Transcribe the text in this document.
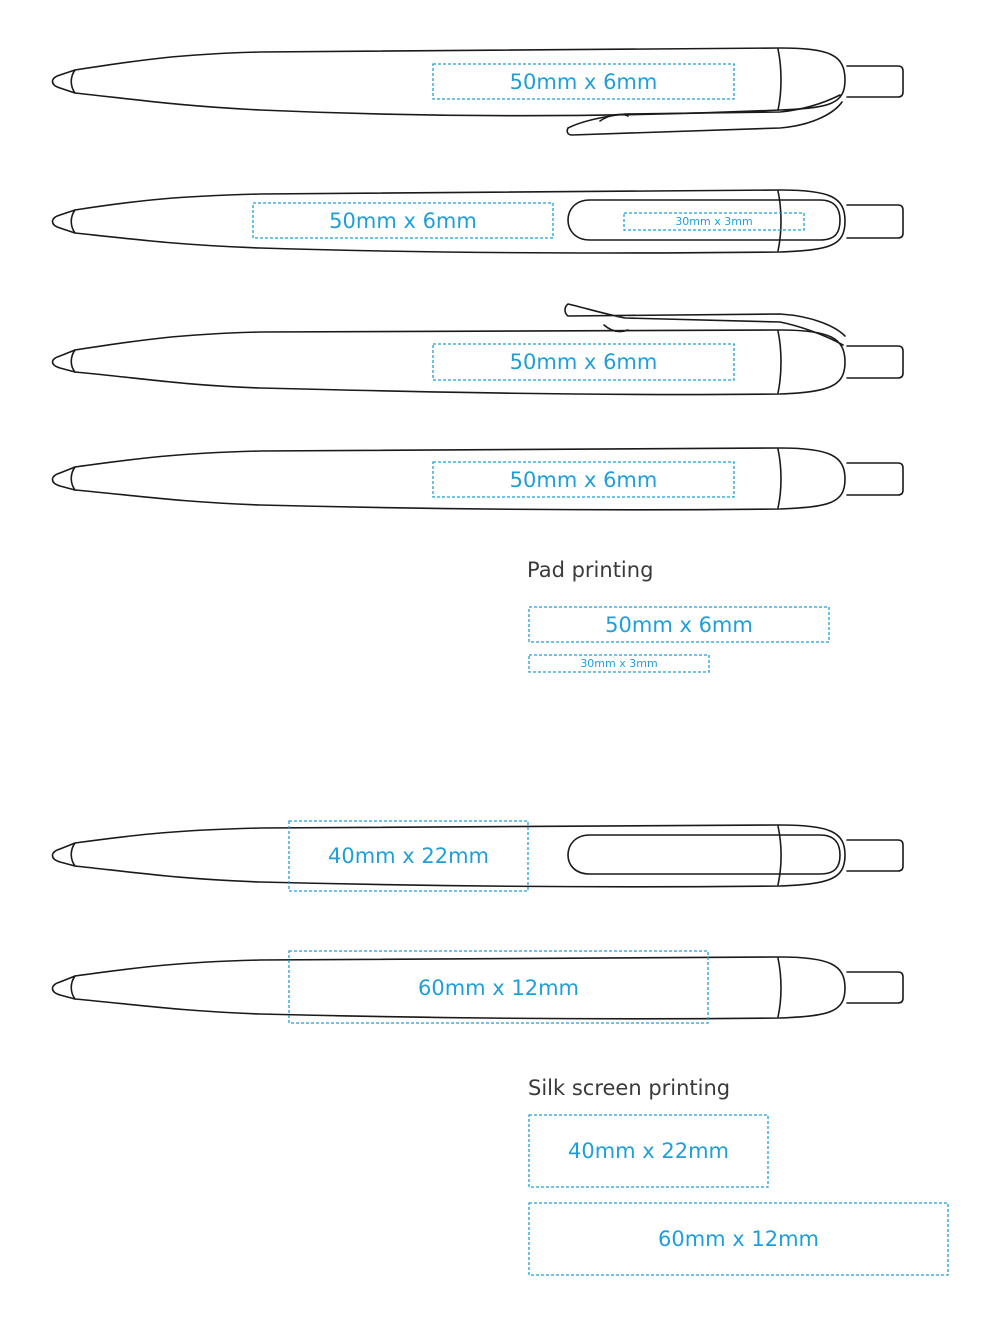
50mm x 6mm
50mm x 6mm	30mm x 3mm
50mm x 6mm
50mm x 6mm
50mm x 6mm
30mm x 3mm
40mm x 22mm
60mm x 12mm
40mm x 22mm
60mm x 12mm
Pad printing
Silk screen printing
